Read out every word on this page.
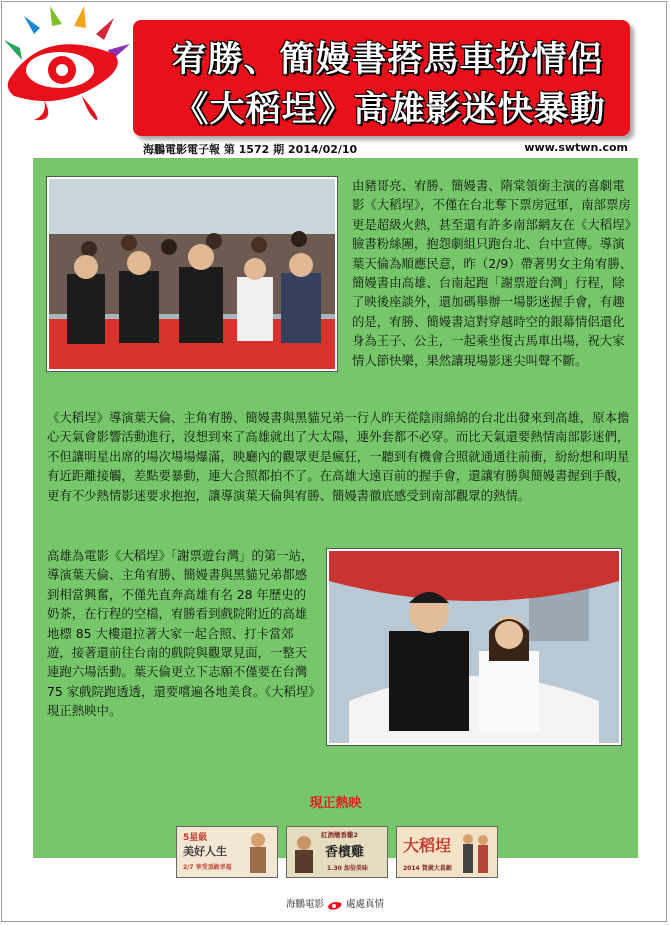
宥勝、簡嫚書搭馬車扮情侶
《大稻埕》高雄影迷快暴動
海鵬電影電子報 第 1572 期 2014/02/10	www.swtwn.com

由豬哥亮、宥勝、簡嫚書、隋棠領銜主演的喜劇電影《大稻埕》，不僅在台北奪下票房冠軍，南部票房更是超級火熱，甚至還有許多南部網友在《大稻埕》臉書粉絲團，抱怨劇組只跑台北、台中宣傳。導演葉天倫為順應民意，昨（2/9）帶著男女主角宥勝、簡嫚書由高雄、台南起跑「謝票遊台灣」行程，除了映後座談外，還加碼舉辦一場影迷握手會，有趣的是，宥勝、簡嫚書這對穿越時空的銀幕情侶還化身為王子、公主，一起乘坐復古馬車出場，祝大家情人節快樂，果然讓現場影迷尖叫聲不斷。

《大稻埕》導演葉天倫、主角宥勝、簡嫚書與黑貓兄弟一行人昨天從陰雨綿綿的台北出發來到高雄，原本擔心天氣會影響活動進行，沒想到來了高雄就出了大太陽，連外套都不必穿。而比天氣還要熱情南部影迷們，不但讓明星出席的場次場場爆滿，映廳內的觀眾更是瘋狂，一聽到有機會合照就通通往前衝，紛紛想和明星有近距離接觸，差點要暴動，連大合照都拍不了。在高雄大遠百前的握手會，還讓宥勝與簡嫚書握到手酸，更有不少熱情影迷要求抱抱，讓導演葉天倫與宥勝、簡嫚書徹底感受到南部觀眾的熱情。

高雄為電影《大稻埕》「謝票遊台灣」的第一站，導演葉天倫、主角宥勝、簡嫚書與黑貓兄弟都感到相當興奮，不僅先直奔高雄有名 28 年歷史的奶茶，在行程的空檔，宥勝看到戲院附近的高雄地標 85 大樓還拉著大家一起合照、打卡當郊遊，接著還前往台南的戲院與觀眾見面，一整天連跑六場活動。葉天倫更立下志願不僅要在台灣 75 家戲院跑透透，還要嚐遍各地美食。《大稻埕》現正熱映中。

現正熱映
5星級
美好人生
2/7 享受頂級幸福
紅酒燉香雞2
香檳雞
1.30 加倍美味
大稻埕
2014 賀歲大喜劇
海鵬電影 處處真情
